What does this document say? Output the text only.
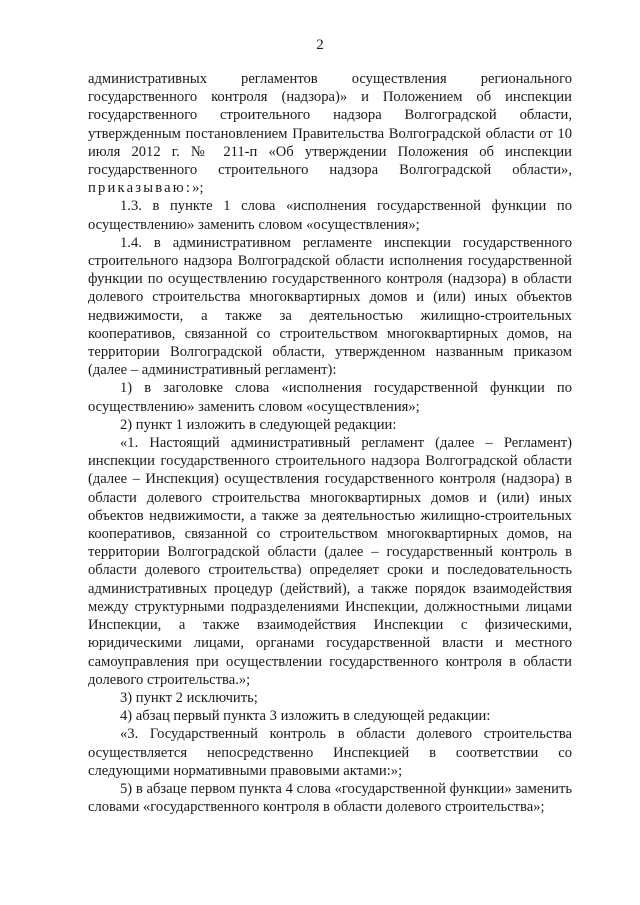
2

административных регламентов осуществления регионального государственного контроля (надзора)» и Положением об инспекции государственного строительного надзора Волгоградской области, утвержденным постановлением Правительства Волгоградской области от 10 июля 2012 г. № 211-п «Об утверждении Положения об инспекции государственного строительного надзора Волгоградской области», приказываю:»;

1.3. в пункте 1 слова «исполнения государственной функции по осуществлению» заменить словом «осуществления»;

1.4. в административном регламенте инспекции государственного строительного надзора Волгоградской области исполнения государственной функции по осуществлению государственного контроля (надзора) в области долевого строительства многоквартирных домов и (или) иных объектов недвижимости, а также за деятельностью жилищно-строительных кооперативов, связанной со строительством многоквартирных домов, на территории Волгоградской области, утвержденном названным приказом (далее – административный регламент):

1) в заголовке слова «исполнения государственной функции по осуществлению» заменить словом «осуществления»;

2) пункт 1 изложить в следующей редакции:

«1. Настоящий административный регламент (далее – Регламент) инспекции государственного строительного надзора Волгоградской области (далее – Инспекция) осуществления государственного контроля (надзора) в области долевого строительства многоквартирных домов и (или) иных объектов недвижимости, а также за деятельностью жилищно-строительных кооперативов, связанной со строительством многоквартирных домов, на территории Волгоградской области (далее – государственный контроль в области долевого строительства) определяет сроки и последовательность административных процедур (действий), а также порядок взаимодействия между структурными подразделениями Инспекции, должностными лицами Инспекции, а также взаимодействия Инспекции с физическими, юридическими лицами, органами государственной власти и местного самоуправления при осуществлении государственного контроля в области долевого строительства.»;

3) пункт 2 исключить;

4) абзац первый пункта 3 изложить в следующей редакции:

«3. Государственный контроль в области долевого строительства осуществляется непосредственно Инспекцией в соответствии со следующими нормативными правовыми актами:»;

5) в абзаце первом пункта 4 слова «государственной функции» заменить словами «государственного контроля в области долевого строительства»;
